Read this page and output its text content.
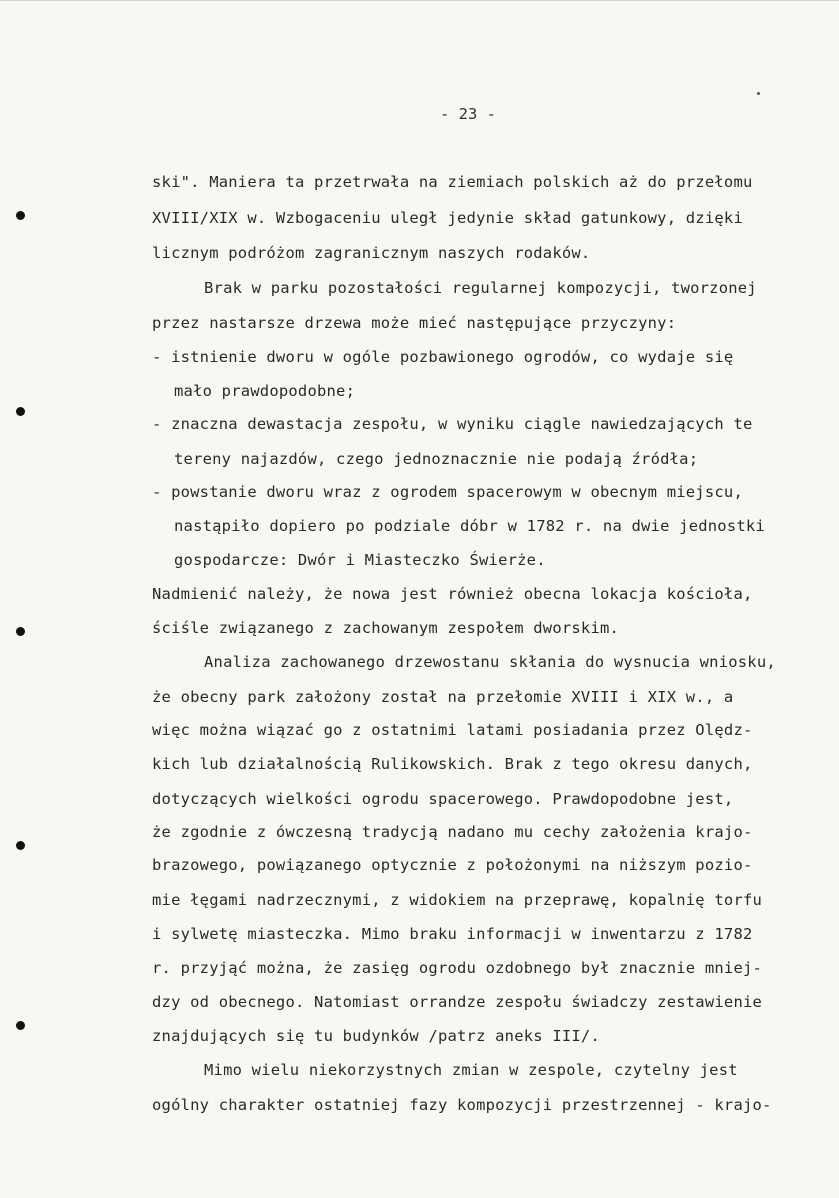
- 23 -
ski". Maniera ta przetrwała na ziemiach polskich aż do przełomu
XVIII/XIX w. Wzbogaceniu uległ jedynie skład gatunkowy, dzięki
licznym podróżom zagranicznym naszych rodaków.
Brak w parku pozostałości regularnej kompozycji, tworzonej
przez nastarsze drzewa może mieć następujące przyczyny:
- istnienie dworu w ogóle pozbawionego ogrodów, co wydaje się
mało prawdopodobne;
- znaczna dewastacja zespołu, w wyniku ciągle nawiedzających te
tereny najazdów, czego jednoznacznie nie podają źródła;
- powstanie dworu wraz z ogrodem spacerowym w obecnym miejscu,
nastąpiło dopiero po podziale dóbr w 1782 r. na dwie jednostki
gospodarcze: Dwór i Miasteczko Świerże.
Nadmienić należy, że nowa jest również obecna lokacja kościoła,
ściśle związanego z zachowanym zespołem dworskim.
Analiza zachowanego drzewostanu skłania do wysnucia wniosku,
że obecny park założony został na przełomie XVIII i XIX w., a
więc można wiązać go z ostatnimi latami posiadania przez Olędz-
kich lub działalnością Rulikowskich. Brak z tego okresu danych,
dotyczących wielkości ogrodu spacerowego. Prawdopodobne jest,
że zgodnie z ówczesną tradycją nadano mu cechy założenia krajo-
brazowego, powiązanego optycznie z położonymi na niższym pozio-
mie łęgami nadrzecznymi, z widokiem na przeprawę, kopalnię torfu
i sylwetę miasteczka. Mimo braku informacji w inwentarzu z 1782
r. przyjąć można, że zasięg ogrodu ozdobnego był znacznie mniej-
dzy od obecnego. Natomiast orrandze zespołu świadczy zestawienie
znajdujących się tu budynków /patrz aneks III/.
Mimo wielu niekorzystnych zmian w zespole, czytelny jest
ogólny charakter ostatniej fazy kompozycji przestrzennej - krajo-
